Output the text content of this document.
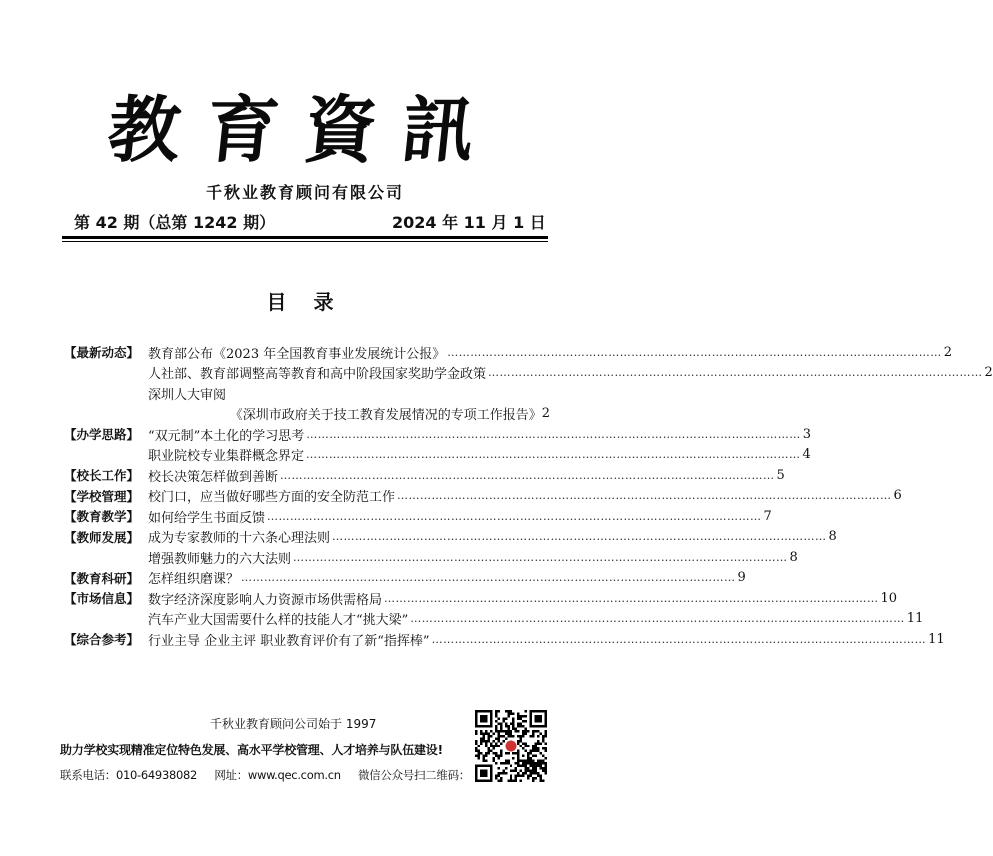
教育資訊
千秋业教育顾问有限公司
第 42 期（总第 1242 期）	2024 年 11 月 1 日
目 录
【最新动态】 教育部公布《2023 年全国教育事业发展统计公报》 …………………………………………………………………………………………………………………	2
人社部、教育部调整高等教育和高中阶段国家奖助学金政策 …………………………………………………………………………………………………………………	2
深圳人大审阅
《深圳市政府关于技工教育发展情况的专项工作报告》 2
【办学思路】 “双元制”本土化的学习思考 …………………………………………………………………………………………………………………	3
职业院校专业集群概念界定 …………………………………………………………………………………………………………………	4
【校长工作】 校长决策怎样做到善断 …………………………………………………………………………………………………………………	5
【学校管理】 校门口，应当做好哪些方面的安全防范工作 …………………………………………………………………………………………………………………	6
【教育教学】 如何给学生书面反馈 …………………………………………………………………………………………………………………	7
【教师发展】 成为专家教师的十六条心理法则 …………………………………………………………………………………………………………………	8
增强教师魅力的六大法则 …………………………………………………………………………………………………………………	8
【教育科研】 怎样组织磨课？ …………………………………………………………………………………………………………………	9
【市场信息】 数字经济深度影响人力资源市场供需格局 …………………………………………………………………………………………………………………	10
汽车产业大国需要什么样的技能人才“挑大梁” …………………………………………………………………………………………………………………	11
【综合参考】 行业主导 企业主评 职业教育评价有了新“指挥棒” …………………………………………………………………………………………………………………	11
千秋业教育顾问公司始于 1997
助力学校实现精准定位特色发展、高水平学校管理、人才培养与队伍建设!
联系电话：010-64938082 网址：www.qec.com.cn 微信公众号扫二维码：
